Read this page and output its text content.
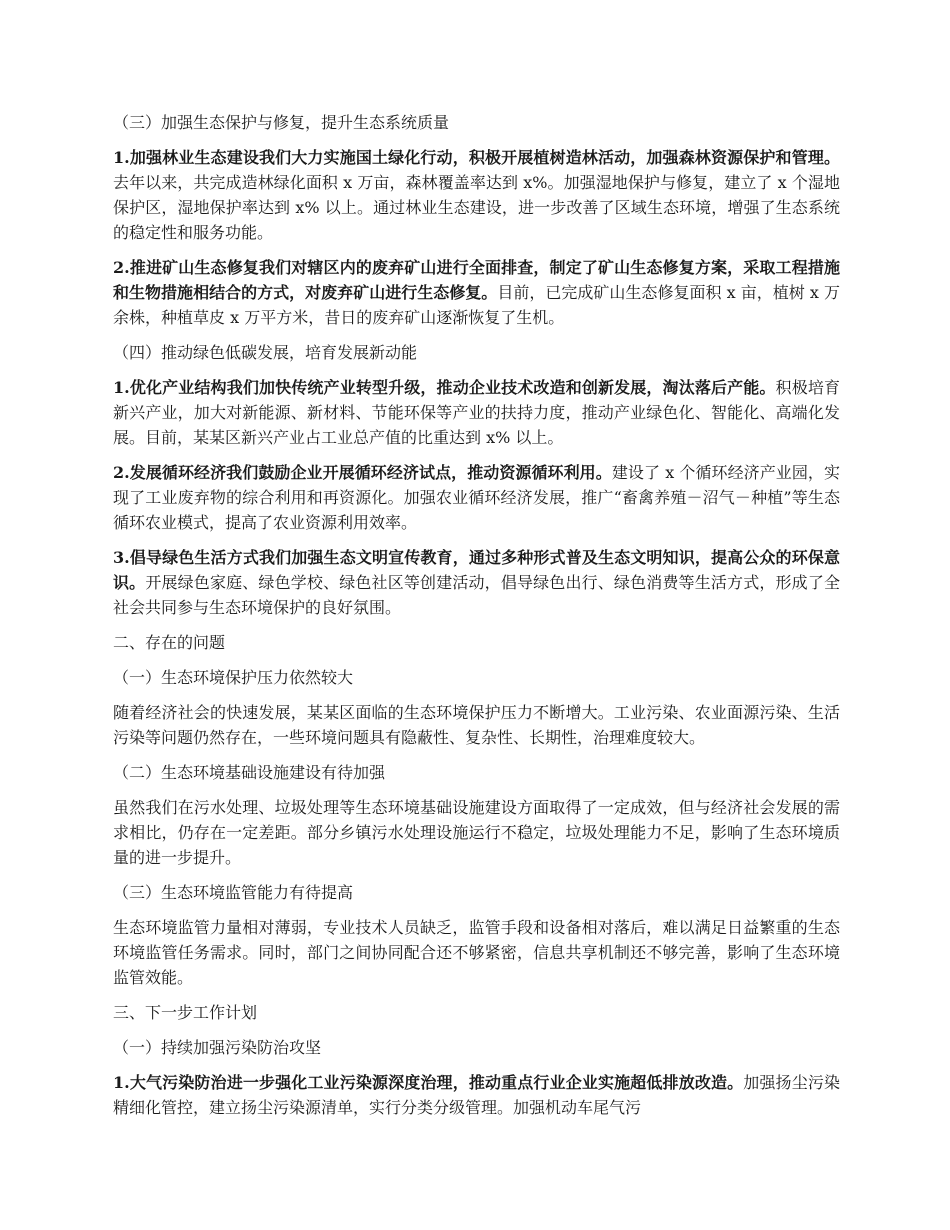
（三）加强生态保护与修复，提升生态系统质量
1.加强林业生态建设我们大力实施国土绿化行动，积极开展植树造林活动，加强森林资源保护和管理。去年以来，共完成造林绿化面积 x 万亩，森林覆盖率达到 x%。加强湿地保护与修复，建立了 x 个湿地保护区，湿地保护率达到 x% 以上。通过林业生态建设，进一步改善了区域生态环境，增强了生态系统的稳定性和服务功能。
2.推进矿山生态修复我们对辖区内的废弃矿山进行全面排查，制定了矿山生态修复方案，采取工程措施和生物措施相结合的方式，对废弃矿山进行生态修复。目前，已完成矿山生态修复面积 x 亩，植树 x 万余株，种植草皮 x 万平方米，昔日的废弃矿山逐渐恢复了生机。
（四）推动绿色低碳发展，培育发展新动能
1.优化产业结构我们加快传统产业转型升级，推动企业技术改造和创新发展，淘汰落后产能。积极培育新兴产业，加大对新能源、新材料、节能环保等产业的扶持力度，推动产业绿色化、智能化、高端化发展。目前，某某区新兴产业占工业总产值的比重达到 x% 以上。
2.发展循环经济我们鼓励企业开展循环经济试点，推动资源循环利用。建设了 x 个循环经济产业园，实现了工业废弃物的综合利用和再资源化。加强农业循环经济发展，推广“畜禽养殖－沼气－种植”等生态循环农业模式，提高了农业资源利用效率。
3.倡导绿色生活方式我们加强生态文明宣传教育，通过多种形式普及生态文明知识，提高公众的环保意识。开展绿色家庭、绿色学校、绿色社区等创建活动，倡导绿色出行、绿色消费等生活方式，形成了全社会共同参与生态环境保护的良好氛围。
二、存在的问题
（一）生态环境保护压力依然较大
随着经济社会的快速发展，某某区面临的生态环境保护压力不断增大。工业污染、农业面源污染、生活污染等问题仍然存在，一些环境问题具有隐蔽性、复杂性、长期性，治理难度较大。
（二）生态环境基础设施建设有待加强
虽然我们在污水处理、垃圾处理等生态环境基础设施建设方面取得了一定成效，但与经济社会发展的需求相比，仍存在一定差距。部分乡镇污水处理设施运行不稳定，垃圾处理能力不足，影响了生态环境质量的进一步提升。
（三）生态环境监管能力有待提高
生态环境监管力量相对薄弱，专业技术人员缺乏，监管手段和设备相对落后，难以满足日益繁重的生态环境监管任务需求。同时，部门之间协同配合还不够紧密，信息共享机制还不够完善，影响了生态环境监管效能。
三、下一步工作计划
（一）持续加强污染防治攻坚
1.大气污染防治进一步强化工业污染源深度治理，推动重点行业企业实施超低排放改造。加强扬尘污染精细化管控，建立扬尘污染源清单，实行分类分级管理。加强机动车尾气污
